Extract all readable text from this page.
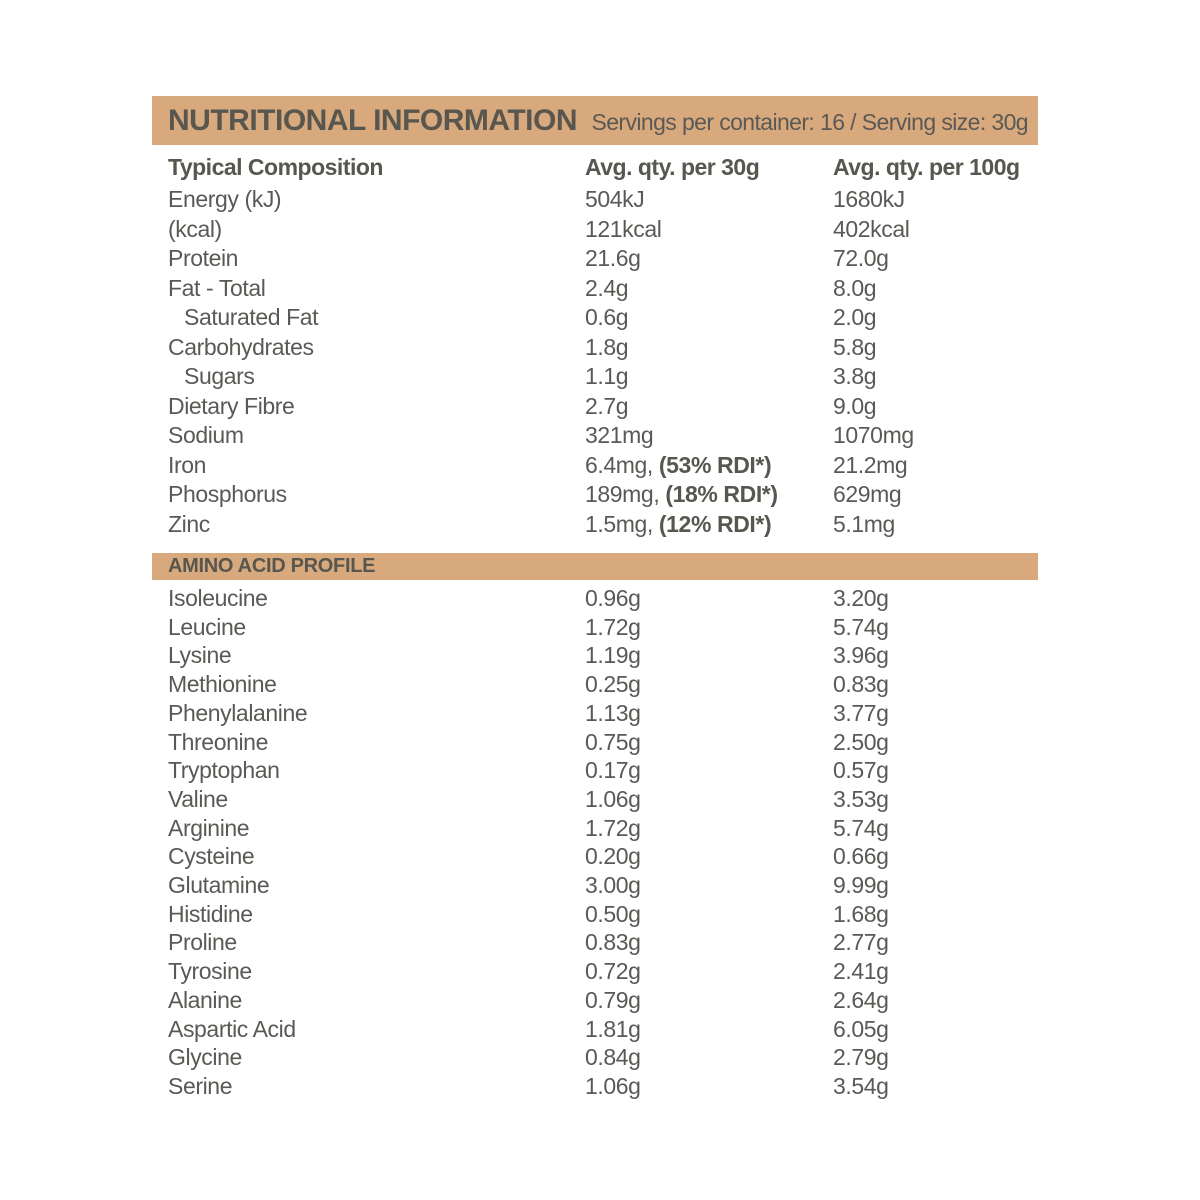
NUTRITIONAL INFORMATION Servings per container: 16 / Serving size: 30g
Typical Composition	Avg. qty. per 30g	Avg. qty. per 100g
Energy (kJ)	504kJ	1680kJ
(kcal)	121kcal	402kcal
Protein	21.6g	72.0g
Fat - Total	2.4g	8.0g
Saturated Fat	0.6g	2.0g
Carbohydrates	1.8g	5.8g
Sugars	1.1g	3.8g
Dietary Fibre	2.7g	9.0g
Sodium	321mg	1070mg
Iron	6.4mg, (53% RDI*)	21.2mg
Phosphorus	189mg, (18% RDI*)	629mg
Zinc	1.5mg, (12% RDI*)	5.1mg
AMINO ACID PROFILE
Isoleucine	0.96g	3.20g
Leucine	1.72g	5.74g
Lysine	1.19g	3.96g
Methionine	0.25g	0.83g
Phenylalanine	1.13g	3.77g
Threonine	0.75g	2.50g
Tryptophan	0.17g	0.57g
Valine	1.06g	3.53g
Arginine	1.72g	5.74g
Cysteine	0.20g	0.66g
Glutamine	3.00g	9.99g
Histidine	0.50g	1.68g
Proline	0.83g	2.77g
Tyrosine	0.72g	2.41g
Alanine	0.79g	2.64g
Aspartic Acid	1.81g	6.05g
Glycine	0.84g	2.79g
Serine	1.06g	3.54g
